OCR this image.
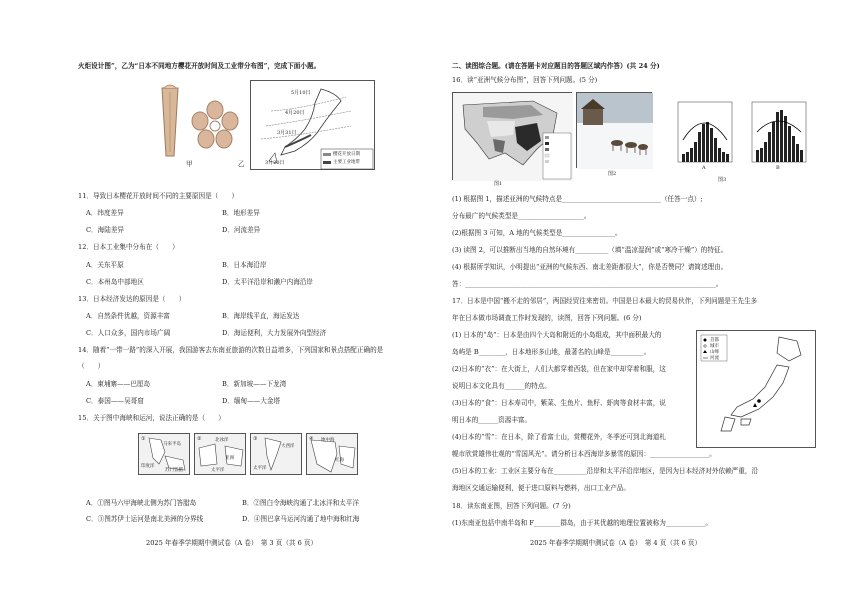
火炬设计图”，乙为“日本不同地方樱花开放时间及工业带分布图”，完成下面小题。
甲
5月10日
4月20日
3月31日
3月20日
樱花开放日期
主要工业地带
乙
11．导致日本樱花开放时间不同的主要原因是（　　）
A．纬度差异	B．地形差异
C．海陆差异	D．河流差异
12．日本工业集中分布在（　　）
A．关东平原	B．日本海沿岸
C．本州岛中部地区	D．太平洋沿岸和濑户内海沿岸
13．日本经济发达的原因是（　　）
A．自然条件优越，资源丰富	B．海岸线平直，海运发达
C．人口众多，国内市场广阔	D．海运便利，大力发展外向型经济
14．随着“一带一路”的深入开展，我国游客去东南亚旅游的次数日益增多，下列国家和景点搭配正确的是
（　　）
A．柬埔寨——巴厘岛	B．新加坡——下龙湾
C．泰国——吴哥窟	D．缅甸——大金塔
15．关于图中海峡和运河，说法正确的是（　　）
①
印度洋
马来半岛
苏门答腊
②	北冰洋
亚洲
太平洋
③
大西洋
太平洋
④ 地中海
红海
A．①图马六甲海峡北侧为苏门答腊岛	B．②图白令海峡沟通了北冰洋和太平洋
C．③图苏伊士运河是南北美洲的分界线	D．④图巴拿马运河沟通了地中海和红海
2025 年春季学期期中测试卷（A 卷）　第 3 页（共 6 页）
二、读图综合题。(请在答题卡对应题目的答题区域内作答）(共 24 分)
16．读“亚洲气候分布图”，回答下列问题。(5 分)
图1
图2
A	B
图3
(1) 根据图 1，描述亚洲的气候特点是______________________________（任答一点）;
分布最广的气候类型是____________________。
(2)根据图 3 可知，A 地的气候类型是________________。
(3) 读图 2，可以推断出当地的自然环境有__________（填“温凉湿润”或“寒冷干燥”）的特征。
(4) 根据所学知识，小明提出“亚洲的气候东西、南北差距都很大”，你是否赞同？请简述理由。
答：____________________________________________________________________________。
17．日本是中国“搬不走的邻居”，两国经贸往来密切。中国是日本最大的贸易伙伴，下列问题是王先生多
年在日本做市场调查工作时发现的，读图，回答下列问题。(6 分)
首都
城市
山峰
河流
(1) 日本的“岛”：日本是由四个大岛和附近的小岛组成，其中面积最大的
岛屿是 B________，日本地形多山地，最著名的山峰是__________。
(2)日本的“衣”：在大街上，人们大都穿着西装，但在家中却穿着和服，这
说明日本文化具有______的特点。
(3)日本的“食”：日本寿司中，紫菜、生鱼片、鱼籽、虾肉等食材丰富，说
明日本的______资源丰富。
(4)日本的“雪”：在日本，除了看富士山，赏樱花外，冬季还可到北海道札
幌市欣赏雄伟壮观的“雪国风光”。请分析日本西海岸多暴雪的原因：__________________。
(5)日本的工业：工业区主要分布在__________沿岸和太平洋沿岸地区，是因为日本经济对外依赖严重，沿
海地区交通运输便利，便于进口原料与燃料，出口工业产品。
18．读东南亚图，回答下列问题。(7 分)
(1)东南亚包括中南半岛和 F________群岛，由于其优越的地理位置被称为____________。
2025 年春季学期期中测试卷（A 卷）　第 4 页（共 6 页）
